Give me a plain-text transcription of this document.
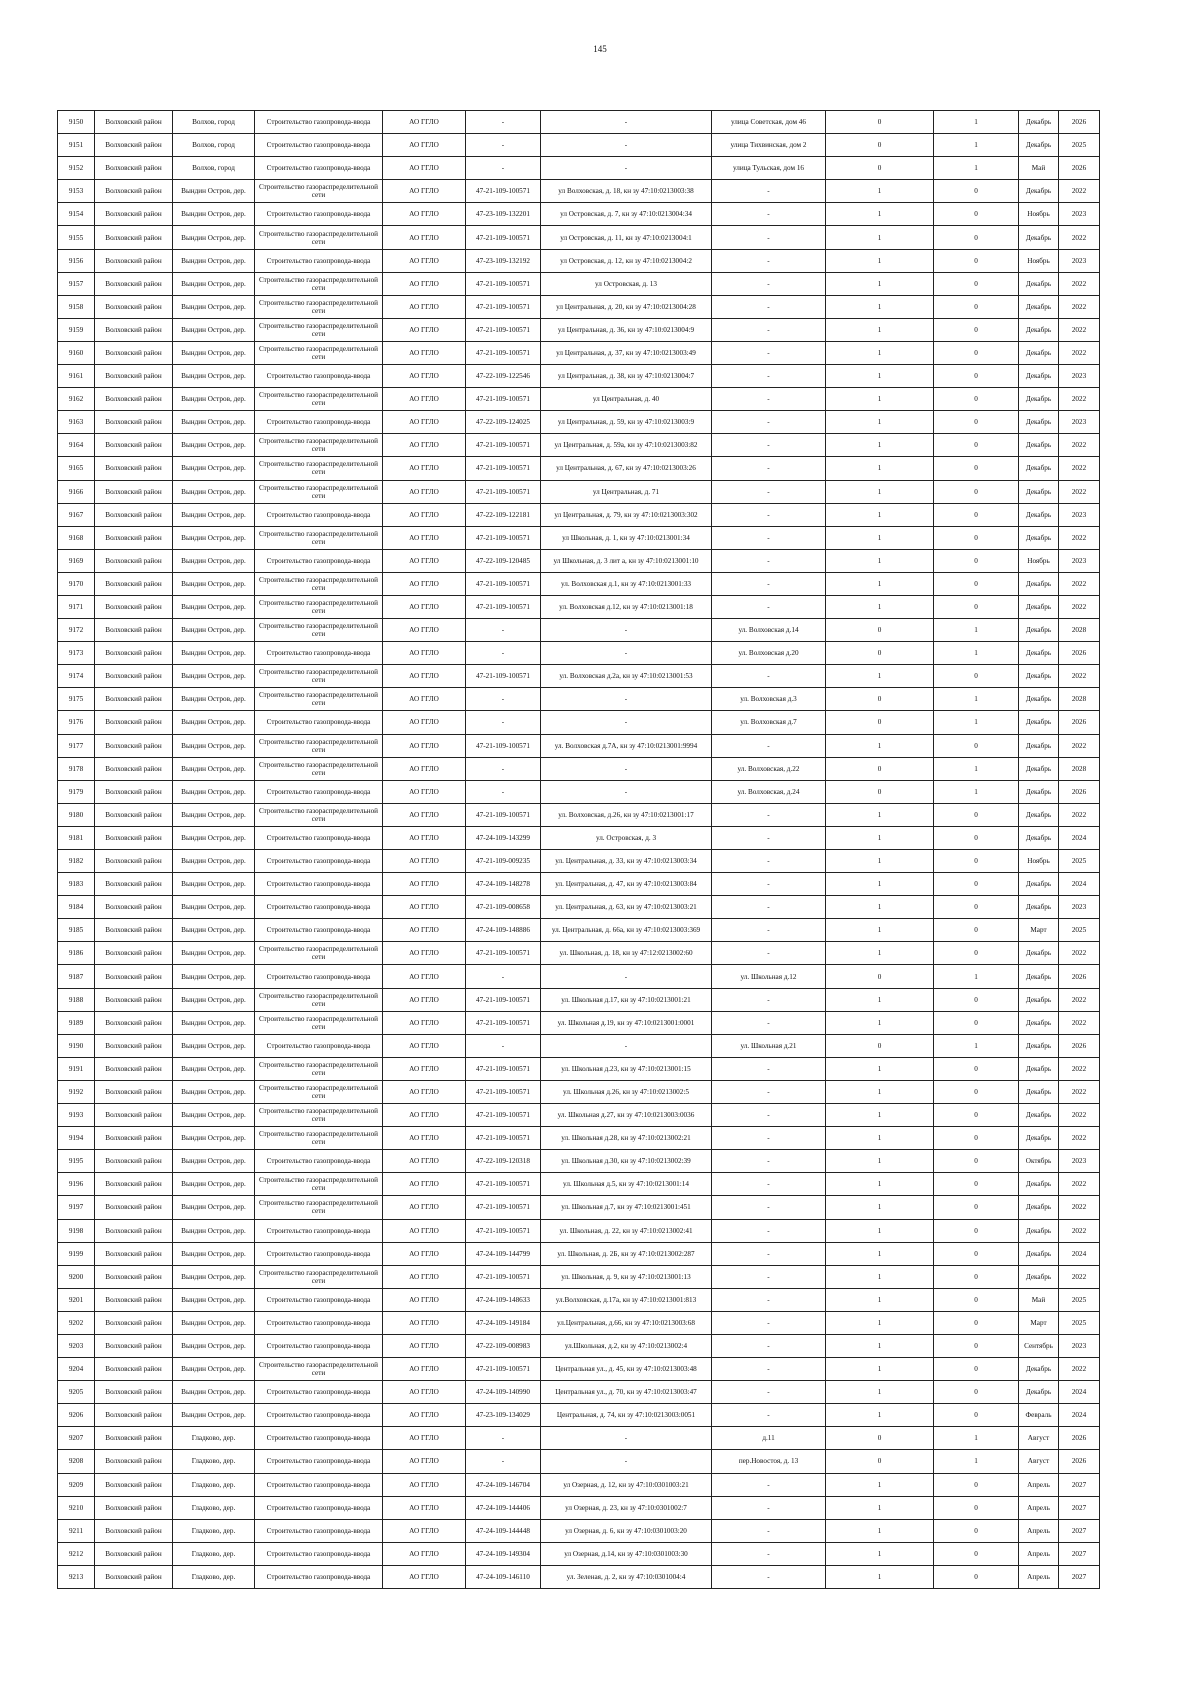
145
9150	Волховский район	Волхов, город	Строительство газопровода-ввода	АО ГГЛО	-	-	улица Советская, дом 46	0	1	Декабрь	2026
9151	Волховский район	Волхов, город	Строительство газопровода-ввода	АО ГГЛО	-	-	улица Тихвинская, дом 2	0	1	Декабрь	2025
9152	Волховский район	Волхов, город	Строительство газопровода-ввода	АО ГГЛО	-	-	улица Тульская, дом 16	0	1	Май	2026
9153	Волховский район	Вындин Остров, дер.	Строительство газораспределительной сети	АО ГГЛО	47-21-109-100571	ул Волховская, д. 18, кн зу 47:10:0213003:38	-	1	0	Декабрь	2022
9154	Волховский район	Вындин Остров, дер.	Строительство газопровода-ввода	АО ГГЛО	47-23-109-132201	ул Островская, д. 7, кн зу 47:10:0213004:34	-	1	0	Ноябрь	2023
9155	Волховский район	Вындин Остров, дер.	Строительство газораспределительной сети	АО ГГЛО	47-21-109-100571	ул Островская, д. 11, кн зу 47:10:0213004:1	-	1	0	Декабрь	2022
9156	Волховский район	Вындин Остров, дер.	Строительство газопровода-ввода	АО ГГЛО	47-23-109-132192	ул Островская, д. 12, кн зу 47:10:0213004:2	-	1	0	Ноябрь	2023
9157	Волховский район	Вындин Остров, дер.	Строительство газораспределительной сети	АО ГГЛО	47-21-109-100571	ул Островская, д. 13	-	1	0	Декабрь	2022
9158	Волховский район	Вындин Остров, дер.	Строительство газораспределительной сети	АО ГГЛО	47-21-109-100571	ул Центральная, д. 20, кн зу 47:10:0213004:28	-	1	0	Декабрь	2022
9159	Волховский район	Вындин Остров, дер.	Строительство газораспределительной сети	АО ГГЛО	47-21-109-100571	ул Центральная, д. 36, кн зу 47:10:0213004:9	-	1	0	Декабрь	2022
9160	Волховский район	Вындин Остров, дер.	Строительство газораспределительной сети	АО ГГЛО	47-21-109-100571	ул Центральная, д. 37, кн зу 47:10:0213003:49	-	1	0	Декабрь	2022
9161	Волховский район	Вындин Остров, дер.	Строительство газопровода-ввода	АО ГГЛО	47-22-109-122546	ул Центральная, д. 38, кн зу 47:10:0213004:7	-	1	0	Декабрь	2023
9162	Волховский район	Вындин Остров, дер.	Строительство газораспределительной сети	АО ГГЛО	47-21-109-100571	ул Центральная, д. 40	-	1	0	Декабрь	2022
9163	Волховский район	Вындин Остров, дер.	Строительство газопровода-ввода	АО ГГЛО	47-22-109-124025	ул Центральная, д. 59, кн зу 47:10:0213003:9	-	1	0	Декабрь	2023
9164	Волховский район	Вындин Остров, дер.	Строительство газораспределительной сети	АО ГГЛО	47-21-109-100571	ул Центральная, д. 59а, кн зу 47:10:0213003:82	-	1	0	Декабрь	2022
9165	Волховский район	Вындин Остров, дер.	Строительство газораспределительной сети	АО ГГЛО	47-21-109-100571	ул Центральная, д. 67, кн зу 47:10:0213003:26	-	1	0	Декабрь	2022
9166	Волховский район	Вындин Остров, дер.	Строительство газораспределительной сети	АО ГГЛО	47-21-109-100571	ул Центральная, д. 71	-	1	0	Декабрь	2022
9167	Волховский район	Вындин Остров, дер.	Строительство газопровода-ввода	АО ГГЛО	47-22-109-122181	ул Центральная, д. 79, кн зу 47:10:0213003:302	-	1	0	Декабрь	2023
9168	Волховский район	Вындин Остров, дер.	Строительство газораспределительной сети	АО ГГЛО	47-21-109-100571	ул Школьная, д. 1, кн зу 47:10:0213001:34	-	1	0	Декабрь	2022
9169	Волховский район	Вындин Остров, дер.	Строительство газопровода-ввода	АО ГГЛО	47-22-109-120485	ул Школьная, д. 3 лит а, кн зу 47:10:0213001:10	-	1	0	Ноябрь	2023
9170	Волховский район	Вындин Остров, дер.	Строительство газораспределительной сети	АО ГГЛО	47-21-109-100571	ул. Волховская д.1, кн зу 47:10:0213001:33	-	1	0	Декабрь	2022
9171	Волховский район	Вындин Остров, дер.	Строительство газораспределительной сети	АО ГГЛО	47-21-109-100571	ул. Волховская д.12, кн зу 47:10:0213001:18	-	1	0	Декабрь	2022
9172	Волховский район	Вындин Остров, дер.	Строительство газораспределительной сети	АО ГГЛО	-	-	ул. Волховская д.14	0	1	Декабрь	2028
9173	Волховский район	Вындин Остров, дер.	Строительство газопровода-ввода	АО ГГЛО	-	-	ул. Волховская д.20	0	1	Декабрь	2026
9174	Волховский район	Вындин Остров, дер.	Строительство газораспределительной сети	АО ГГЛО	47-21-109-100571	ул. Волховская д.2а, кн зу 47:10:0213001:53	-	1	0	Декабрь	2022
9175	Волховский район	Вындин Остров, дер.	Строительство газораспределительной сети	АО ГГЛО	-	-	ул. Волховская д.3	0	1	Декабрь	2028
9176	Волховский район	Вындин Остров, дер.	Строительство газопровода-ввода	АО ГГЛО	-	-	ул. Волховская д.7	0	1	Декабрь	2026
9177	Волховский район	Вындин Остров, дер.	Строительство газораспределительной сети	АО ГГЛО	47-21-109-100571	ул. Волховская д.7А, кн зу 47:10:0213001:9994	-	1	0	Декабрь	2022
9178	Волховский район	Вындин Остров, дер.	Строительство газораспределительной сети	АО ГГЛО	-	-	ул. Волховская, д.22	0	1	Декабрь	2028
9179	Волховский район	Вындин Остров, дер.	Строительство газопровода-ввода	АО ГГЛО	-	-	ул. Волховская, д.24	0	1	Декабрь	2026
9180	Волховский район	Вындин Остров, дер.	Строительство газораспределительной сети	АО ГГЛО	47-21-109-100571	ул. Волховская, д.26, кн зу 47:10:0213001:17	-	1	0	Декабрь	2022
9181	Волховский район	Вындин Остров, дер.	Строительство газопровода-ввода	АО ГГЛО	47-24-109-143299	ул. Островская, д. 3	-	1	0	Декабрь	2024
9182	Волховский район	Вындин Остров, дер.	Строительство газопровода-ввода	АО ГГЛО	47-21-109-009235	ул. Центральная, д. 33, кн зу 47:10:0213003:34	-	1	0	Ноябрь	2025
9183	Волховский район	Вындин Остров, дер.	Строительство газопровода-ввода	АО ГГЛО	47-24-109-148278	ул. Центральная, д. 47, кн зу 47:10:0213003:84	-	1	0	Декабрь	2024
9184	Волховский район	Вындин Остров, дер.	Строительство газопровода-ввода	АО ГГЛО	47-21-109-008658	ул. Центральная, д. 63, кн зу 47:10:0213003:21	-	1	0	Декабрь	2023
9185	Волховский район	Вындин Остров, дер.	Строительство газопровода-ввода	АО ГГЛО	47-24-109-148886	ул. Центральная, д. 66а, кн зу 47:10:0213003:369	-	1	0	Март	2025
9186	Волховский район	Вындин Остров, дер.	Строительство газораспределительной сети	АО ГГЛО	47-21-109-100571	ул. Школьная, д. 18, кн зу 47:12:0213002:60	-	1	0	Декабрь	2022
9187	Волховский район	Вындин Остров, дер.	Строительство газопровода-ввода	АО ГГЛО	-	-	ул. Школьная д.12	0	1	Декабрь	2026
9188	Волховский район	Вындин Остров, дер.	Строительство газораспределительной сети	АО ГГЛО	47-21-109-100571	ул. Школьная д.17, кн зу 47:10:0213001:21	-	1	0	Декабрь	2022
9189	Волховский район	Вындин Остров, дер.	Строительство газораспределительной сети	АО ГГЛО	47-21-109-100571	ул. Школьная д.19, кн зу 47:10:0213001:0001	-	1	0	Декабрь	2022
9190	Волховский район	Вындин Остров, дер.	Строительство газопровода-ввода	АО ГГЛО	-	-	ул. Школьная д.21	0	1	Декабрь	2026
9191	Волховский район	Вындин Остров, дер.	Строительство газораспределительной сети	АО ГГЛО	47-21-109-100571	ул. Школьная д.23, кн зу 47:10:0213001:15	-	1	0	Декабрь	2022
9192	Волховский район	Вындин Остров, дер.	Строительство газораспределительной сети	АО ГГЛО	47-21-109-100571	ул. Школьная д.26, кн зу 47:10:0213002:5	-	1	0	Декабрь	2022
9193	Волховский район	Вындин Остров, дер.	Строительство газораспределительной сети	АО ГГЛО	47-21-109-100571	ул. Школьная д.27, кн зу 47:10:0213003:0036	-	1	0	Декабрь	2022
9194	Волховский район	Вындин Остров, дер.	Строительство газораспределительной сети	АО ГГЛО	47-21-109-100571	ул. Школьная д.28, кн зу 47:10:0213002:21	-	1	0	Декабрь	2022
9195	Волховский район	Вындин Остров, дер.	Строительство газопровода-ввода	АО ГГЛО	47-22-109-120318	ул. Школьная д.30, кн зу 47:10:0213002:39	-	1	0	Октябрь	2023
9196	Волховский район	Вындин Остров, дер.	Строительство газораспределительной сети	АО ГГЛО	47-21-109-100571	ул. Школьная д.5, кн зу 47:10:0213001:14	-	1	0	Декабрь	2022
9197	Волховский район	Вындин Остров, дер.	Строительство газораспределительной сети	АО ГГЛО	47-21-109-100571	ул. Школьная д.7, кн зу 47:10:0213001:451	-	1	0	Декабрь	2022
9198	Волховский район	Вындин Остров, дер.	Строительство газопровода-ввода	АО ГГЛО	47-21-109-100571	ул. Школьная, д. 22, кн зу 47:10:0213002:41	-	1	0	Декабрь	2022
9199	Волховский район	Вындин Остров, дер.	Строительство газопровода-ввода	АО ГГЛО	47-24-109-144799	ул. Школьная, д. 2Б, кн зу 47:10:0213002:287	-	1	0	Декабрь	2024
9200	Волховский район	Вындин Остров, дер.	Строительство газораспределительной сети	АО ГГЛО	47-21-109-100571	ул. Школьная, д. 9, кн зу 47:10:0213001:13	-	1	0	Декабрь	2022
9201	Волховский район	Вындин Остров, дер.	Строительство газопровода-ввода	АО ГГЛО	47-24-109-148633	ул.Волховская, д.17а, кн зу 47:10:0213001:813	-	1	0	Май	2025
9202	Волховский район	Вындин Остров, дер.	Строительство газопровода-ввода	АО ГГЛО	47-24-109-149184	ул.Центральная, д.66, кн зу 47:10:0213003:68	-	1	0	Март	2025
9203	Волховский район	Вындин Остров, дер.	Строительство газопровода-ввода	АО ГГЛО	47-22-109-008983	ул.Школьная, д.2, кн зу 47:10:0213002:4	-	1	0	Сентябрь	2023
9204	Волховский район	Вындин Остров, дер.	Строительство газораспределительной сети	АО ГГЛО	47-21-109-100571	Центральная ул., д. 45, кн зу 47:10:0213003:48	-	1	0	Декабрь	2022
9205	Волховский район	Вындин Остров, дер.	Строительство газопровода-ввода	АО ГГЛО	47-24-109-140990	Центральная ул., д. 70, кн зу 47:10:0213003:47	-	1	0	Декабрь	2024
9206	Волховский район	Вындин Остров, дер.	Строительство газопровода-ввода	АО ГГЛО	47-23-109-134029	Центральная, д. 74, кн зу 47:10:0213003:0051	-	1	0	Февраль	2024
9207	Волховский район	Гладково, дер.	Строительство газопровода-ввода	АО ГГЛО	-	-	д.11	0	1	Август	2026
9208	Волховский район	Гладково, дер.	Строительство газопровода-ввода	АО ГГЛО	-	-	пер.Новостоя, д. 13	0	1	Август	2026
9209	Волховский район	Гладково, дер.	Строительство газопровода-ввода	АО ГГЛО	47-24-109-146704	ул Озерная, д. 12, кн зу 47:10:0301003:21	-	1	0	Апрель	2027
9210	Волховский район	Гладково, дер.	Строительство газопровода-ввода	АО ГГЛО	47-24-109-144406	ул Озерная, д. 23, кн зу 47:10:0301002:7	-	1	0	Апрель	2027
9211	Волховский район	Гладково, дер.	Строительство газопровода-ввода	АО ГГЛО	47-24-109-144448	ул Озерная, д. 6, кн зу 47:10:0301003:20	-	1	0	Апрель	2027
9212	Волховский район	Гладково, дер.	Строительство газопровода-ввода	АО ГГЛО	47-24-109-149304	ул Озерная, д.14, кн зу 47:10:0301003:30	-	1	0	Апрель	2027
9213	Волховский район	Гладково, дер.	Строительство газопровода-ввода	АО ГГЛО	47-24-109-146110	ул. Зеленая, д. 2, кн зу 47:10:0301004:4	-	1	0	Апрель	2027
